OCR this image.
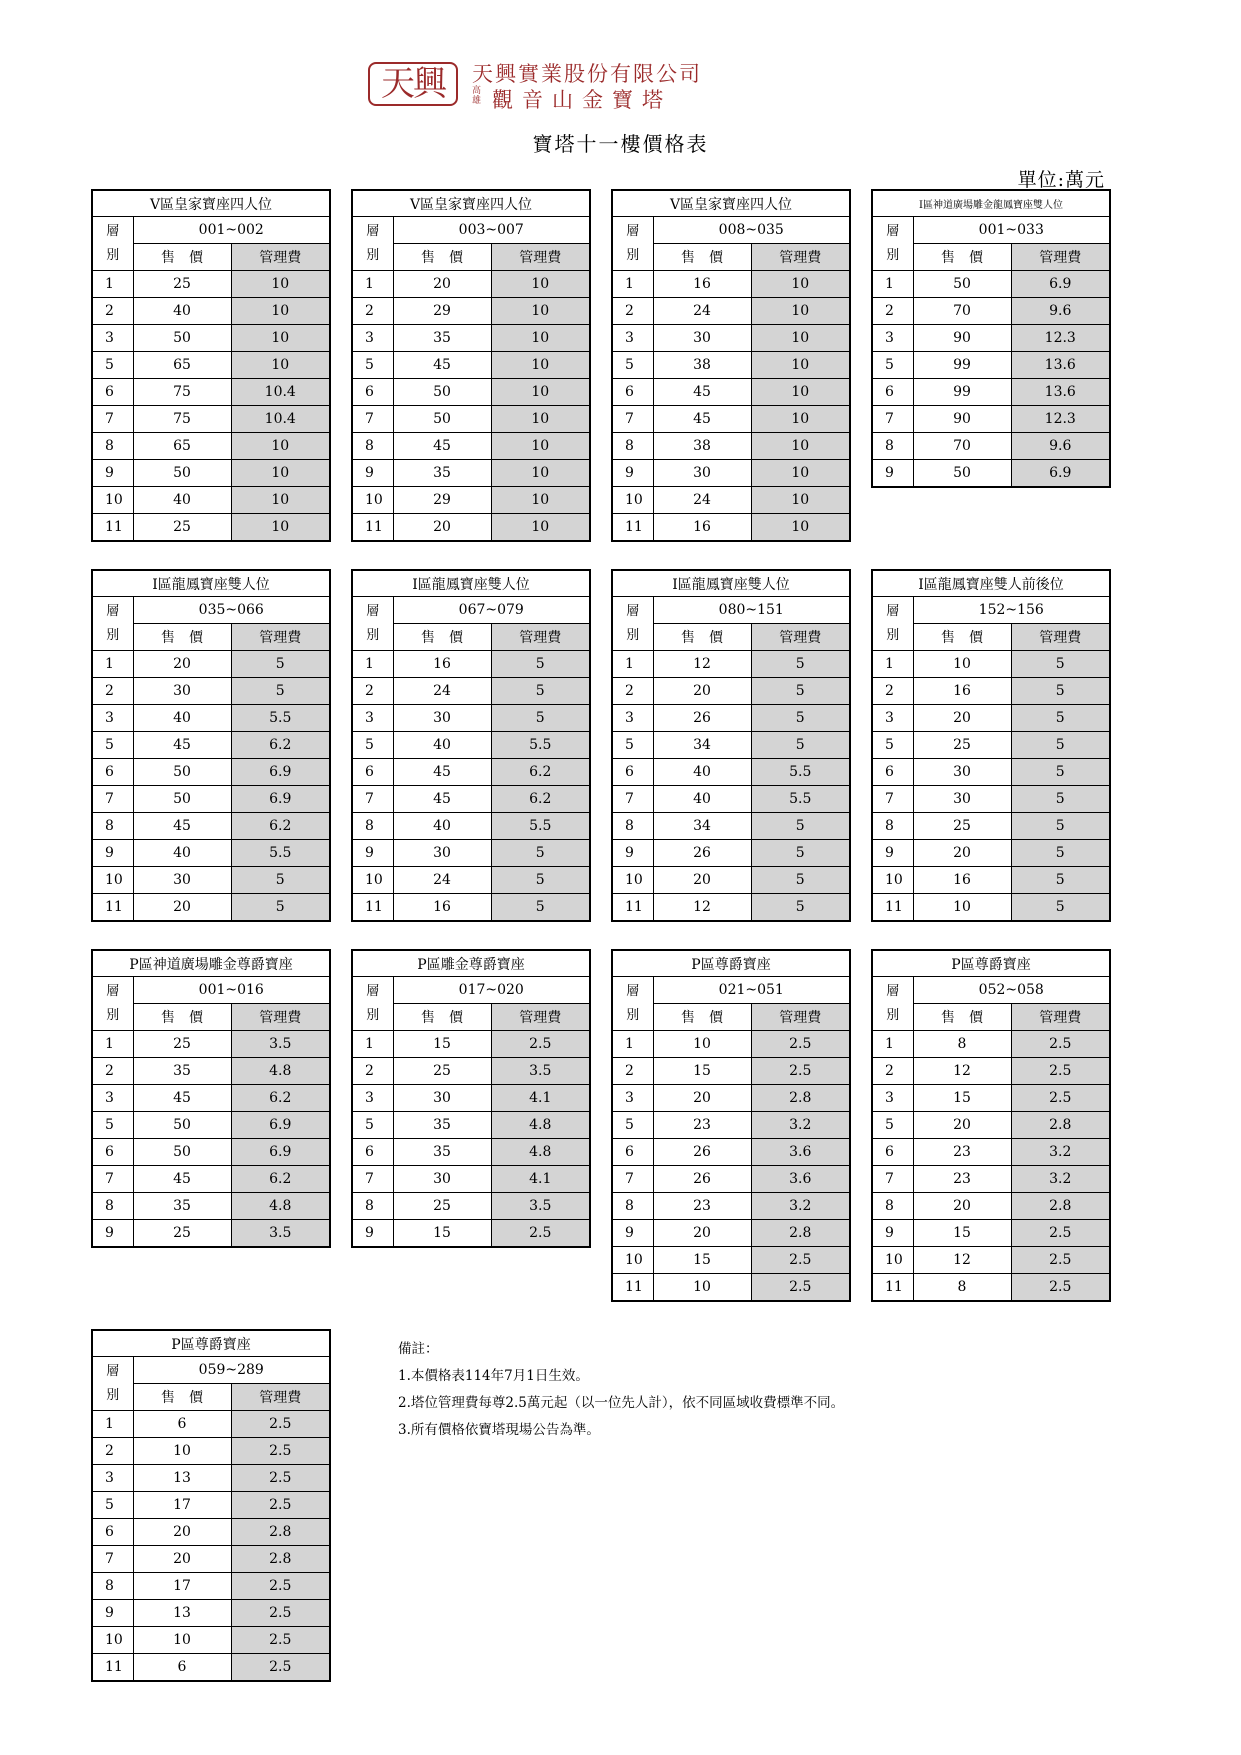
天興	天興實業股份有限公司
高雄 觀音山金寶塔
寶塔十一樓價格表
單位:萬元
V區皇家寶座四人位		

層
別	001~002	
	售　價	管理費
1	25	10
2	40	10
3	50	10
5	65	10
6	75	10.4
7	75	10.4
8	65	10
9	50	10
10	40	10
11	25	10
V區皇家寶座四人位		

層
別	003~007	
	售　價	管理費
1	20	10
2	29	10
3	35	10
5	45	10
6	50	10
7	50	10
8	45	10
9	35	10
10	29	10
11	20	10
V區皇家寶座四人位		

層
別	008~035	
	售　價	管理費
1	16	10
2	24	10
3	30	10
5	38	10
6	45	10
7	45	10
8	38	10
9	30	10
10	24	10
11	16	10
I區神道廣場雕金龍鳳寶座雙人位		

層
別	001~033	
	售　價	管理費
1	50	6.9
2	70	9.6
3	90	12.3
5	99	13.6
6	99	13.6
7	90	12.3
8	70	9.6
9	50	6.9
I區龍鳳寶座雙人位		

層
別	035~066	
	售　價	管理費
1	20	5
2	30	5
3	40	5.5
5	45	6.2
6	50	6.9
7	50	6.9
8	45	6.2
9	40	5.5
10	30	5
11	20	5
I區龍鳳寶座雙人位		

層
別	067~079	
	售　價	管理費
1	16	5
2	24	5
3	30	5
5	40	5.5
6	45	6.2
7	45	6.2
8	40	5.5
9	30	5
10	24	5
11	16	5
I區龍鳳寶座雙人位		

層
別	080~151	
	售　價	管理費
1	12	5
2	20	5
3	26	5
5	34	5
6	40	5.5
7	40	5.5
8	34	5
9	26	5
10	20	5
11	12	5
I區龍鳳寶座雙人前後位		

層
別	152~156	
	售　價	管理費
1	10	5
2	16	5
3	20	5
5	25	5
6	30	5
7	30	5
8	25	5
9	20	5
10	16	5
11	10	5
P區神道廣場雕金尊爵寶座		

層
別	001~016	
	售　價	管理費
1	25	3.5
2	35	4.8
3	45	6.2
5	50	6.9
6	50	6.9
7	45	6.2
8	35	4.8
9	25	3.5
P區雕金尊爵寶座		

層
別	017~020	
	售　價	管理費
1	15	2.5
2	25	3.5
3	30	4.1
5	35	4.8
6	35	4.8
7	30	4.1
8	25	3.5
9	15	2.5
P區尊爵寶座		

層
別	021~051	
	售　價	管理費
1	10	2.5
2	15	2.5
3	20	2.8
5	23	3.2
6	26	3.6
7	26	3.6
8	23	3.2
9	20	2.8
10	15	2.5
11	10	2.5
P區尊爵寶座		

層
別	052~058	
	售　價	管理費
1	8	2.5
2	12	2.5
3	15	2.5
5	20	2.8
6	23	3.2
7	23	3.2
8	20	2.8
9	15	2.5
10	12	2.5
11	8	2.5
P區尊爵寶座		

層
別	059~289	
	售　價	管理費
1	6	2.5
2	10	2.5
3	13	2.5
5	17	2.5
6	20	2.8
7	20	2.8
8	17	2.5
9	13	2.5
10	10	2.5
11	6	2.5
備註：
1.本價格表114年7月1日生效。
2.塔位管理費每尊2.5萬元起（以一位先人計），依不同區域收費標準不同。
3.所有價格依寶塔現場公告為準。
